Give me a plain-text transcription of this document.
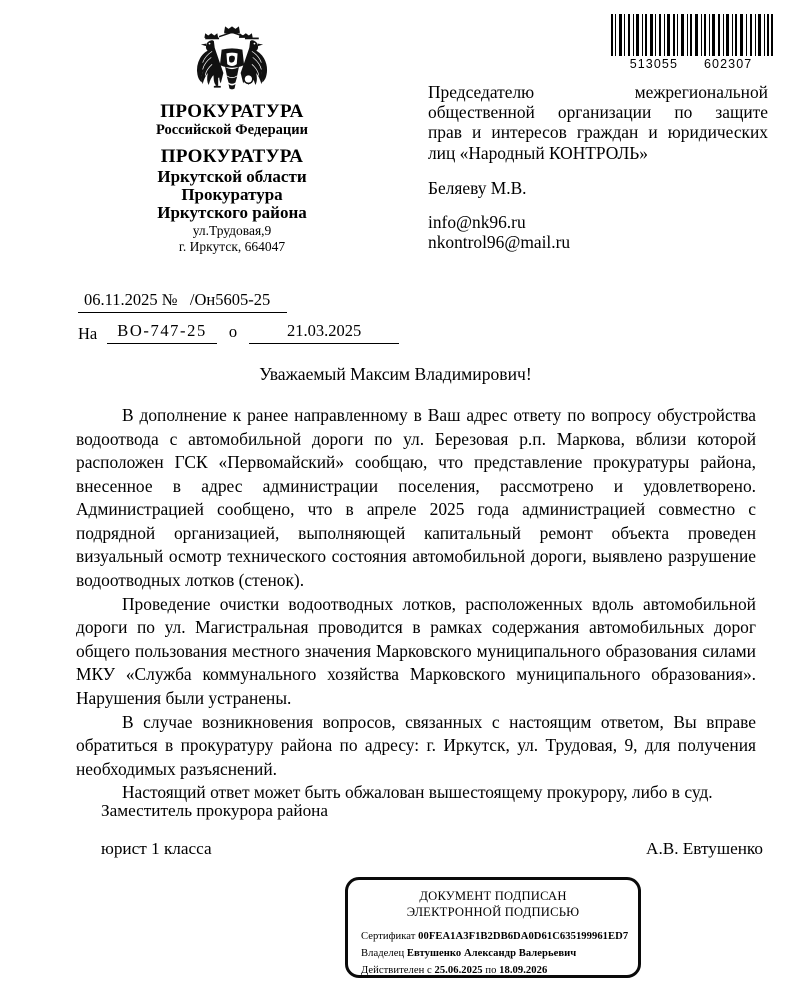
ПРОКУРАТУРА
Российской Федерации
ПРОКУРАТУРА
Иркутской области
Прокуратура
Иркутского района
ул.Трудовая,9
г. Иркутск, 664047
513055 602307
Председателю межрегиональной
общественной организации по защите
прав и интересов граждан и юридических
лиц «Народный КОНТРОЛЬ»
Беляеву М.В.
info@nk96.ru
nkontrol96@mail.ru
06.11.2025 № /Он5605-25
На	ВО-747-25	о	21.03.2025
Уважаемый Максим Владимирович!

В дополнение к ранее направленному в Ваш адрес ответу по вопросу обустройства водоотвода с автомобильной дороги по ул. Березовая р.п. Маркова, вблизи которой расположен ГСК «Первомайский» сообщаю, что представление прокуратуры района, внесенное в адрес администрации поселения, рассмотрено и удовлетворено. Администрацией сообщено, что в апреле 2025 года администрацией совместно с подрядной организацией, выполняющей капитальный ремонт объекта проведен визуальный осмотр технического состояния автомобильной дороги, выявлено разрушение водоотводных лотков (стенок).

Проведение очистки водоотводных лотков, расположенных вдоль автомобильной дороги по ул. Магистральная проводится в рамках содержания автомобильных дорог общего пользования местного значения Марковского муниципального образования силами МКУ «Служба коммунального хозяйства Марковского муниципального образования». Нарушения были устранены.

В случае возникновения вопросов, связанных с настоящим ответом, Вы вправе обратиться в прокуратуру района по адресу: г. Иркутск, ул. Трудовая, 9, для получения необходимых разъяснений.

Настоящий ответ может быть обжалован вышестоящему прокурору, либо в суд.

Заместитель прокурора района
юрист 1 класса	А.В. Евтушенко
ДОКУМЕНТ ПОДПИСАН
ЭЛЕКТРОННОЙ ПОДПИСЬЮ
Сертификат 00FEA1A3F1B2DB6DA0D61C635199961ED7
Владелец Евтушенко Александр Валерьевич
Действителен с 25.06.2025 по 18.09.2026
